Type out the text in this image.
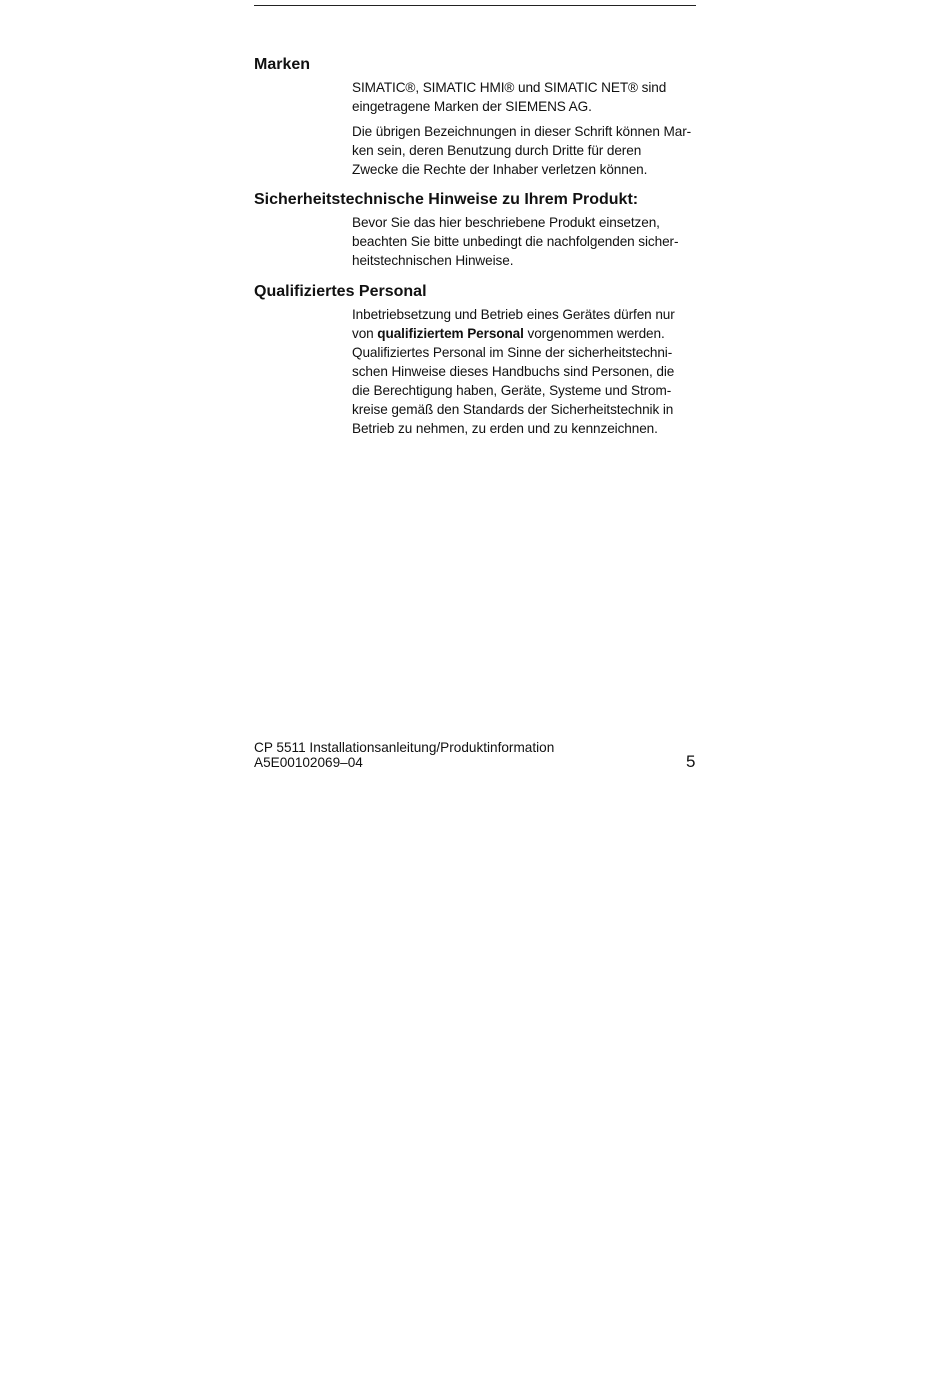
Marken

SIMATIC®, SIMATIC HMI® und SIMATIC NET® sind
eingetragene Marken der SIEMENS AG.

Die übrigen Bezeichnungen in dieser Schrift können Mar-
ken sein, deren Benutzung durch Dritte für deren
Zwecke die Rechte der Inhaber verletzen können.

Sicherheitstechnische Hinweise zu Ihrem Produkt:

Bevor Sie das hier beschriebene Produkt einsetzen,
beachten Sie bitte unbedingt die nachfolgenden sicher-
heitstechnischen Hinweise.

Qualifiziertes Personal

Inbetriebsetzung und Betrieb eines Gerätes dürfen nur
von qualifiziertem Personal vorgenommen werden.
Qualifiziertes Personal im Sinne der sicherheitstechni-
schen Hinweise dieses Handbuchs sind Personen, die
die Berechtigung haben, Geräte, Systeme und Strom-
kreise gemäß den Standards der Sicherheitstechnik in
Betrieb zu nehmen, zu erden und zu kennzeichnen.

CP 5511 Installationsanleitung/Produktinformation
A5E00102069–04	5
